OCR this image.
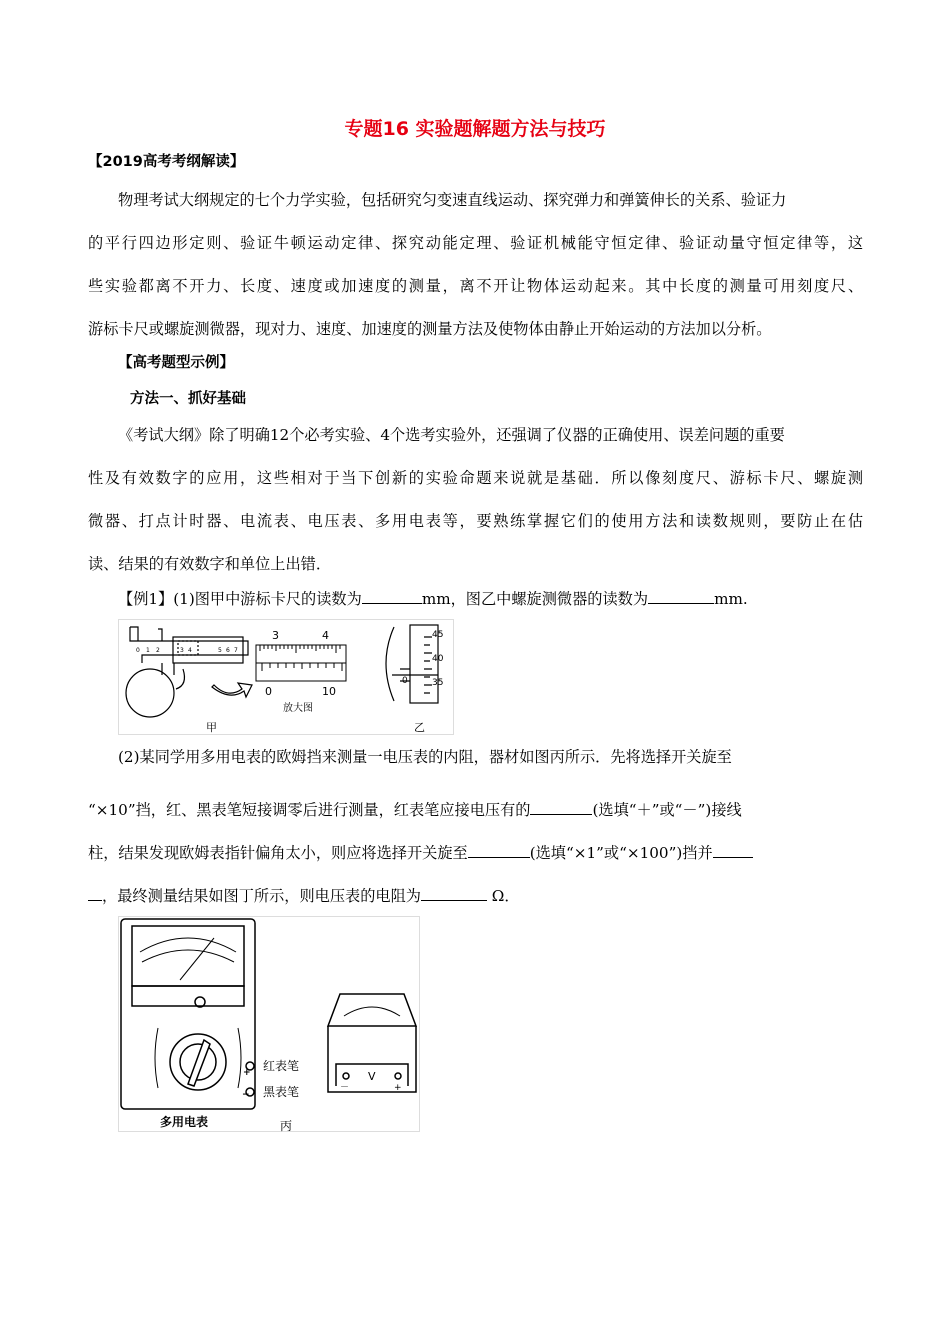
专题16 实验题解题方法与技巧
【2019高考考纲解读】
物理考试大纲规定的七个力学实验，包括研究匀变速直线运动、探究弹力和弹簧伸长的关系、验证力
的平行四边形定则、验证牛顿运动定律、探究动能定理、验证机械能守恒定律、验证动量守恒定律等，这
些实验都离不开力、长度、速度或加速度的测量，离不开让物体运动起来。其中长度的测量可用刻度尺、
游标卡尺或螺旋测微器，现对力、速度、加速度的测量方法及使物体由静止开始运动的方法加以分析。
【高考题型示例】
方法一、抓好基础
《考试大纲》除了明确12个必考实验、4个选考实验外，还强调了仪器的正确使用、误差问题的重要
性及有效数字的应用，这些相对于当下创新的实验命题来说就是基础．所以像刻度尺、游标卡尺、螺旋测
微器、打点计时器、电流表、电压表、多用电表等，要熟练掌握它们的使用方法和读数规则，要防止在估
读、结果的有效数字和单位上出错．
【例1】(1)图甲中游标卡尺的读数为	mm，图乙中螺旋测微器的读数为	mm.
0 1 2	3 4	5 6 7
3	4
0	10
放大图
45
40
35
0
甲	乙
(2)某同学用多用电表的欧姆挡来测量一电压表的内阻，器材如图丙所示．先将选择开关旋至
“×10”挡，红、黑表笔短接调零后进行测量，红表笔应接电压有的	(选填“＋”或“－”)接线
柱，结果发现欧姆表指针偏角太小，则应将选择开关旋至	(选填“×1”或“×100”)挡并
，最终测量结果如图丁所示，则电压表的电阻为	Ω．
+
−
红表笔
黑表笔
多用电表	丙
V
－	+
